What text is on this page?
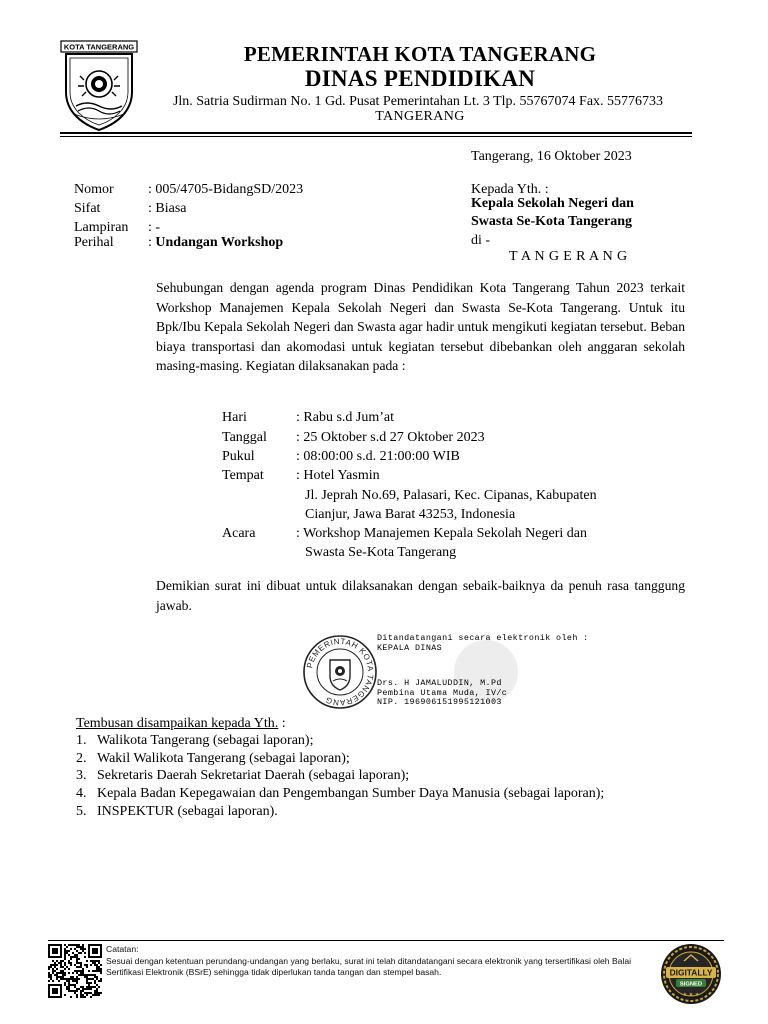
KOTA TANGERANG	PEMERINTAH KOTA TANGERANG
DINAS PENDIDIKAN
Jln. Satria Sudirman No. 1 Gd. Pusat Pemerintahan Lt. 3 Tlp. 55767074 Fax. 55776733
TANGERANG
Tangerang, 16 Oktober 2023
Nomor : 005/4705-BidangSD/2023
Sifat	: Biasa
Lampiran : -
Perihal : Undangan Workshop
Kepada Yth. :
Kepala Sekolah Negeri dan
Swasta Se-Kota Tangerang
di -
T A N G E R A N G
Sehubungan dengan agenda program Dinas Pendidikan Kota Tangerang Tahun 2023 terkait Workshop Manajemen Kepala Sekolah Negeri dan Swasta Se-Kota Tangerang. Untuk itu Bpk/Ibu Kepala Sekolah Negeri dan Swasta agar hadir untuk mengikuti kegiatan tersebut. Beban biaya transportasi dan akomodasi untuk kegiatan tersebut dibebankan oleh anggaran sekolah masing-masing. Kegiatan dilaksanakan pada :
Hari	: Rabu s.d Jum’at
Tanggal : 25 Oktober s.d 27 Oktober 2023
Pukul	: 08:00:00 s.d. 21:00:00 WIB
Tempat : Hotel Yasmin
Jl. Jeprah No.69, Palasari, Kec. Cipanas, Kabupaten
Cianjur, Jawa Barat 43253, Indonesia
Acara	: Workshop Manajemen Kepala Sekolah Negeri dan
Swasta Se-Kota Tangerang
Demikian surat ini dibuat untuk dilaksanakan dengan sebaik-baiknya da penuh rasa tanggung jawab.
PEMERINTAH KOTA TANGERANG
Ditandatangani secara elektronik oleh :
KEPALA DINAS
Drs. H JAMALUDDIN, M.Pd
Pembina Utama Muda, IV/c
NIP. 196906151995121003
Tembusan disampaikan kepada Yth. :
1. Walikota Tangerang (sebagai laporan);
2. Wakil Walikota Tangerang (sebagai laporan);
3. Sekretaris Daerah Sekretariat Daerah (sebagai laporan);
4. Kepala Badan Kepegawaian dan Pengembangan Sumber Daya Manusia (sebagai laporan);
5. INSPEKTUR (sebagai laporan).
Catatan:
Sesuai dengan ketentuan perundang-undangan yang berlaku, surat ini telah ditandatangani secara elektronik yang tersertifikasi oleh Balai
Sertifikasi Elektronik (BSrE) sehingga tidak diperlukan tanda tangan dan stempel basah.	DIGITALLY
SIGNED
★ ★ ★
